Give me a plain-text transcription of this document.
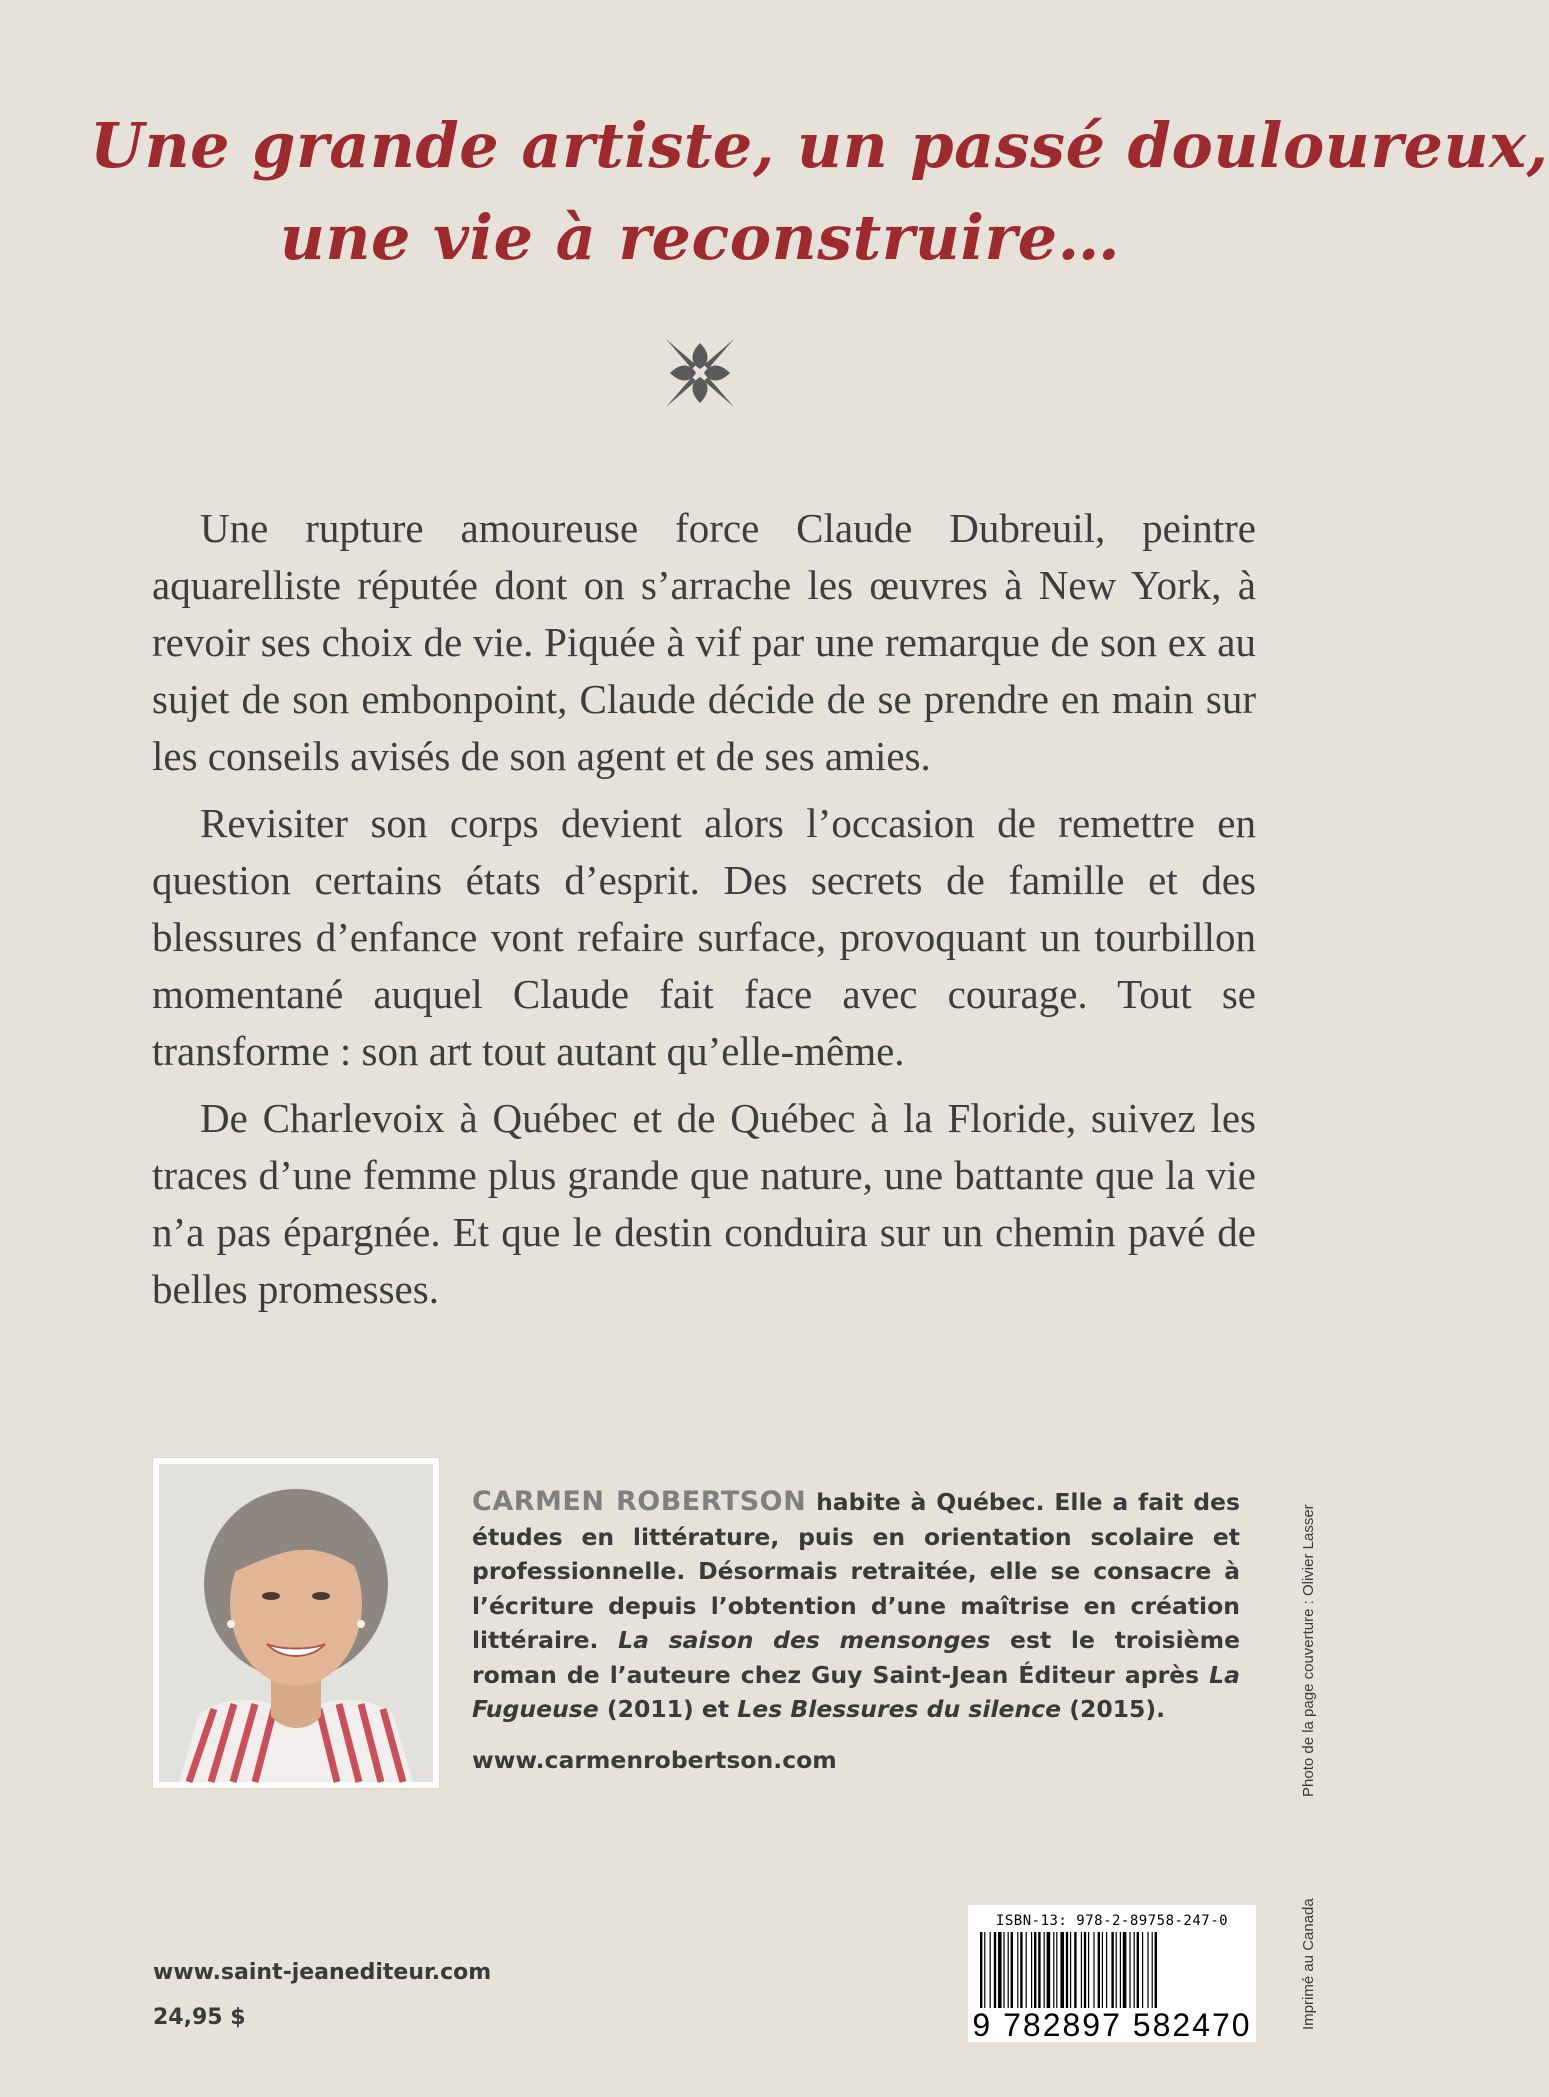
Une grande artiste, un passé douloureux,
une vie à reconstruire…

Une rupture amoureuse force Claude Dubreuil, peintre aquarelliste réputée dont on s’arrache les œuvres à New York, à revoir ses choix de vie. Piquée à vif par une remarque de son ex au sujet de son embonpoint, Claude décide de se prendre en main sur les conseils avisés de son agent et de ses amies.

Revisiter son corps devient alors l’occasion de remettre en question certains états d’esprit. Des secrets de famille et des blessures d’enfance vont refaire surface, provoquant un tourbillon momentané auquel Claude fait face avec courage. Tout se transforme : son art tout autant qu’elle-même.

De Charlevoix à Québec et de Québec à la Floride, suivez les traces d’une femme plus grande que nature, une battante que la vie n’a pas épargnée. Et que le destin conduira sur un chemin pavé de belles promesses.

CARMEN ROBERTSON habite à Québec. Elle a fait des études en littérature, puis en orientation scolaire et professionnelle. Désormais retraitée, elle se consacre à l’écriture depuis l’obtention d’une maîtrise en création littéraire. La saison des mensonges est le troisième roman de l’auteure chez Guy Saint-Jean Éditeur après La Fugueuse (2011) et Les Blessures du silence (2015).
www.carmenrobertson.com	Photo de la page couverture : Olivier Lasser
Imprimé au Canada
www.saint-jeanediteur.com
24,95 $
ISBN-13: 978-2-89758-247-0
9 782897 582470
